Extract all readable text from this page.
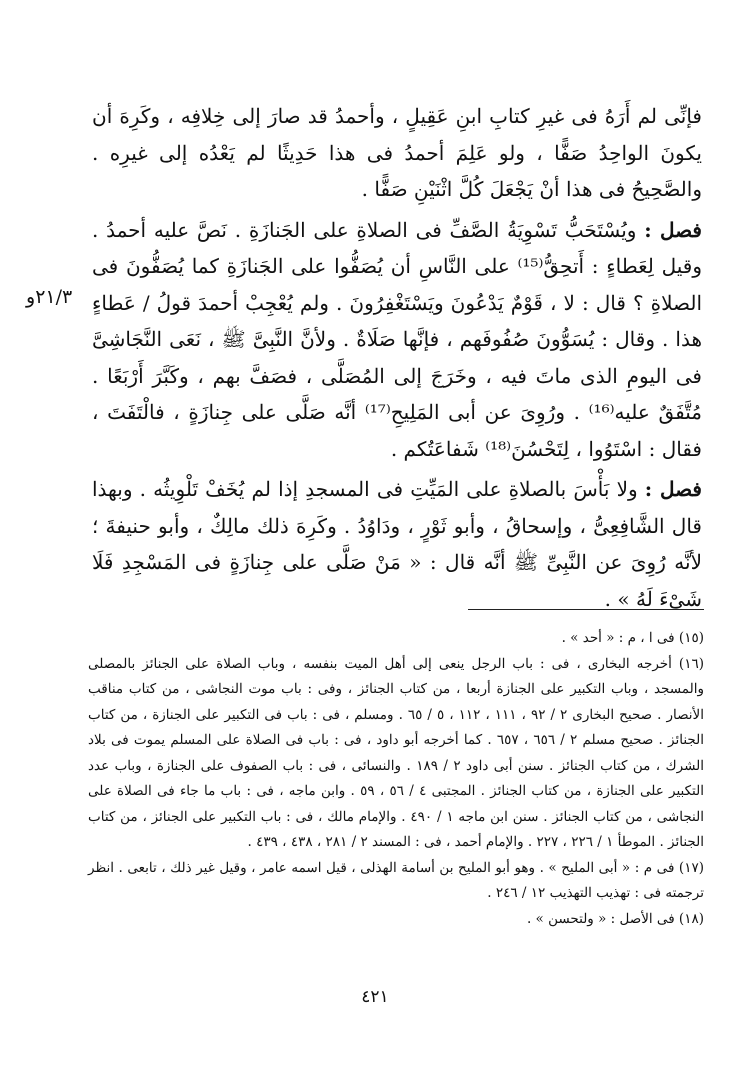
٢١/٣و

فإنِّى لم أَرَهُ فى غيرِ كتابِ ابنِ عَقِيلٍ ، وأحمدُ قد صارَ إلى خِلافِه ، وكَرِهَ أن يكونَ الواحِدُ صَفًّا ، ولو عَلِمَ أحمدُ فى هذا حَدِيثًا لم يَعْدُه إلى غيرِه . والصَّحِيحُ فى هذا أنْ يَجْعَلَ كُلَّ اثْنَيْنِ صَفًّا .

فصل : ويُسْتَحَبُّ تَسْوِيَةُ الصَّفِّ فى الصلاةِ على الجَنازَةِ . نَصَّ عليه أحمدُ . وقيل لِعَطاءٍ : أَتحِقُّ⁽¹⁵⁾ على النَّاسِ أن يُصَفُّوا على الجَنازَةِ كما يُصَفُّونَ فى الصلاةِ ؟ قال : لا ، قَوْمٌ يَدْعُونَ ويَسْتَغْفِرُونَ . ولم يُعْجِبْ أحمدَ قولُ / عَطاءٍ هذا . وقال : يُسَوُّونَ صُفُوفَهم ، فإنَّها صَلَاةٌ . ولأنَّ النَّبِىَّ ﷺ ، نَعَى النَّجَاشِىَّ فى اليومِ الذى ماتَ فيه ، وخَرَجَ إلى المُصَلَّى ، فصَفَّ بهم ، وكَبَّرَ أَرْبَعًا . مُتَّفَقٌ عليه⁽¹⁶⁾ . ورُوِىَ عن أبى المَلِيحِ⁽¹⁷⁾ أنَّه صَلَّى على جِنازَةٍ ، فالْتَفَتَ ، فقال : اسْتَوُوا ، لِتَحْسُنَ⁽¹⁸⁾ شَفاعَتُكم .

فصل : ولا بَأْسَ بالصلاةِ على المَيِّتِ فى المسجدِ إذا لم يُخَفْ تَلْوِيثُه . وبهذا قال الشَّافِعِىُّ ، وإسحاقُ ، وأبو ثَوْرٍ ، ودَاوُدُ . وكَرِهَ ذلك مالِكٌ ، وأبو حنيفةَ ؛ لأنَّه رُوِىَ عن النَّبِىِّ ﷺ أنَّه قال : « مَنْ صَلَّى على جِنازَةٍ فى المَسْجِدِ فَلَا شَىْءَ لَهُ » .

(١٥) فى ا ، م : « أحد » .

(١٦) أخرجه البخارى ، فى : باب الرجل ينعى إلى أهل الميت بنفسه ، وباب الصلاة على الجنائز بالمصلى والمسجد ، وباب التكبير على الجنازة أربعا ، من كتاب الجنائز ، وفى : باب موت النجاشى ، من كتاب مناقب الأنصار . صحيح البخارى ٢ / ٩٢ ، ١١١ ، ١١٢ ، ٥ / ٦٥ . ومسلم ، فى : باب فى التكبير على الجنازة ، من كتاب الجنائز . صحيح مسلم ٢ / ٦٥٦ ، ٦٥٧ . كما أخرجه أبو داود ، فى : باب فى الصلاة على المسلم يموت فى بلاد الشرك ، من كتاب الجنائز . سنن أبى داود ٢ / ١٨٩ . والنسائى ، فى : باب الصفوف على الجنازة ، وباب عدد التكبير على الجنازة ، من كتاب الجنائز . المجتبى ٤ / ٥٦ ، ٥٩ . وابن ماجه ، فى : باب ما جاء فى الصلاة على النجاشى ، من كتاب الجنائز . سنن ابن ماجه ١ / ٤٩٠ . والإمام مالك ، فى : باب التكبير على الجنائز ، من كتاب الجنائز . الموطأ ١ / ٢٢٦ ، ٢٢٧ . والإمام أحمد ، فى : المسند ٢ / ٢٨١ ، ٤٣٨ ، ٤٣٩ .

(١٧) فى م : « أبى المليح » . وهو أبو المليح بن أسامة الهذلى ، قيل اسمه عامر ، وقيل غير ذلك ، تابعى . انظر ترجمته فى : تهذيب التهذيب ١٢ / ٢٤٦ .

(١٨) فى الأصل : « ولتحسن » .

٤٢١
